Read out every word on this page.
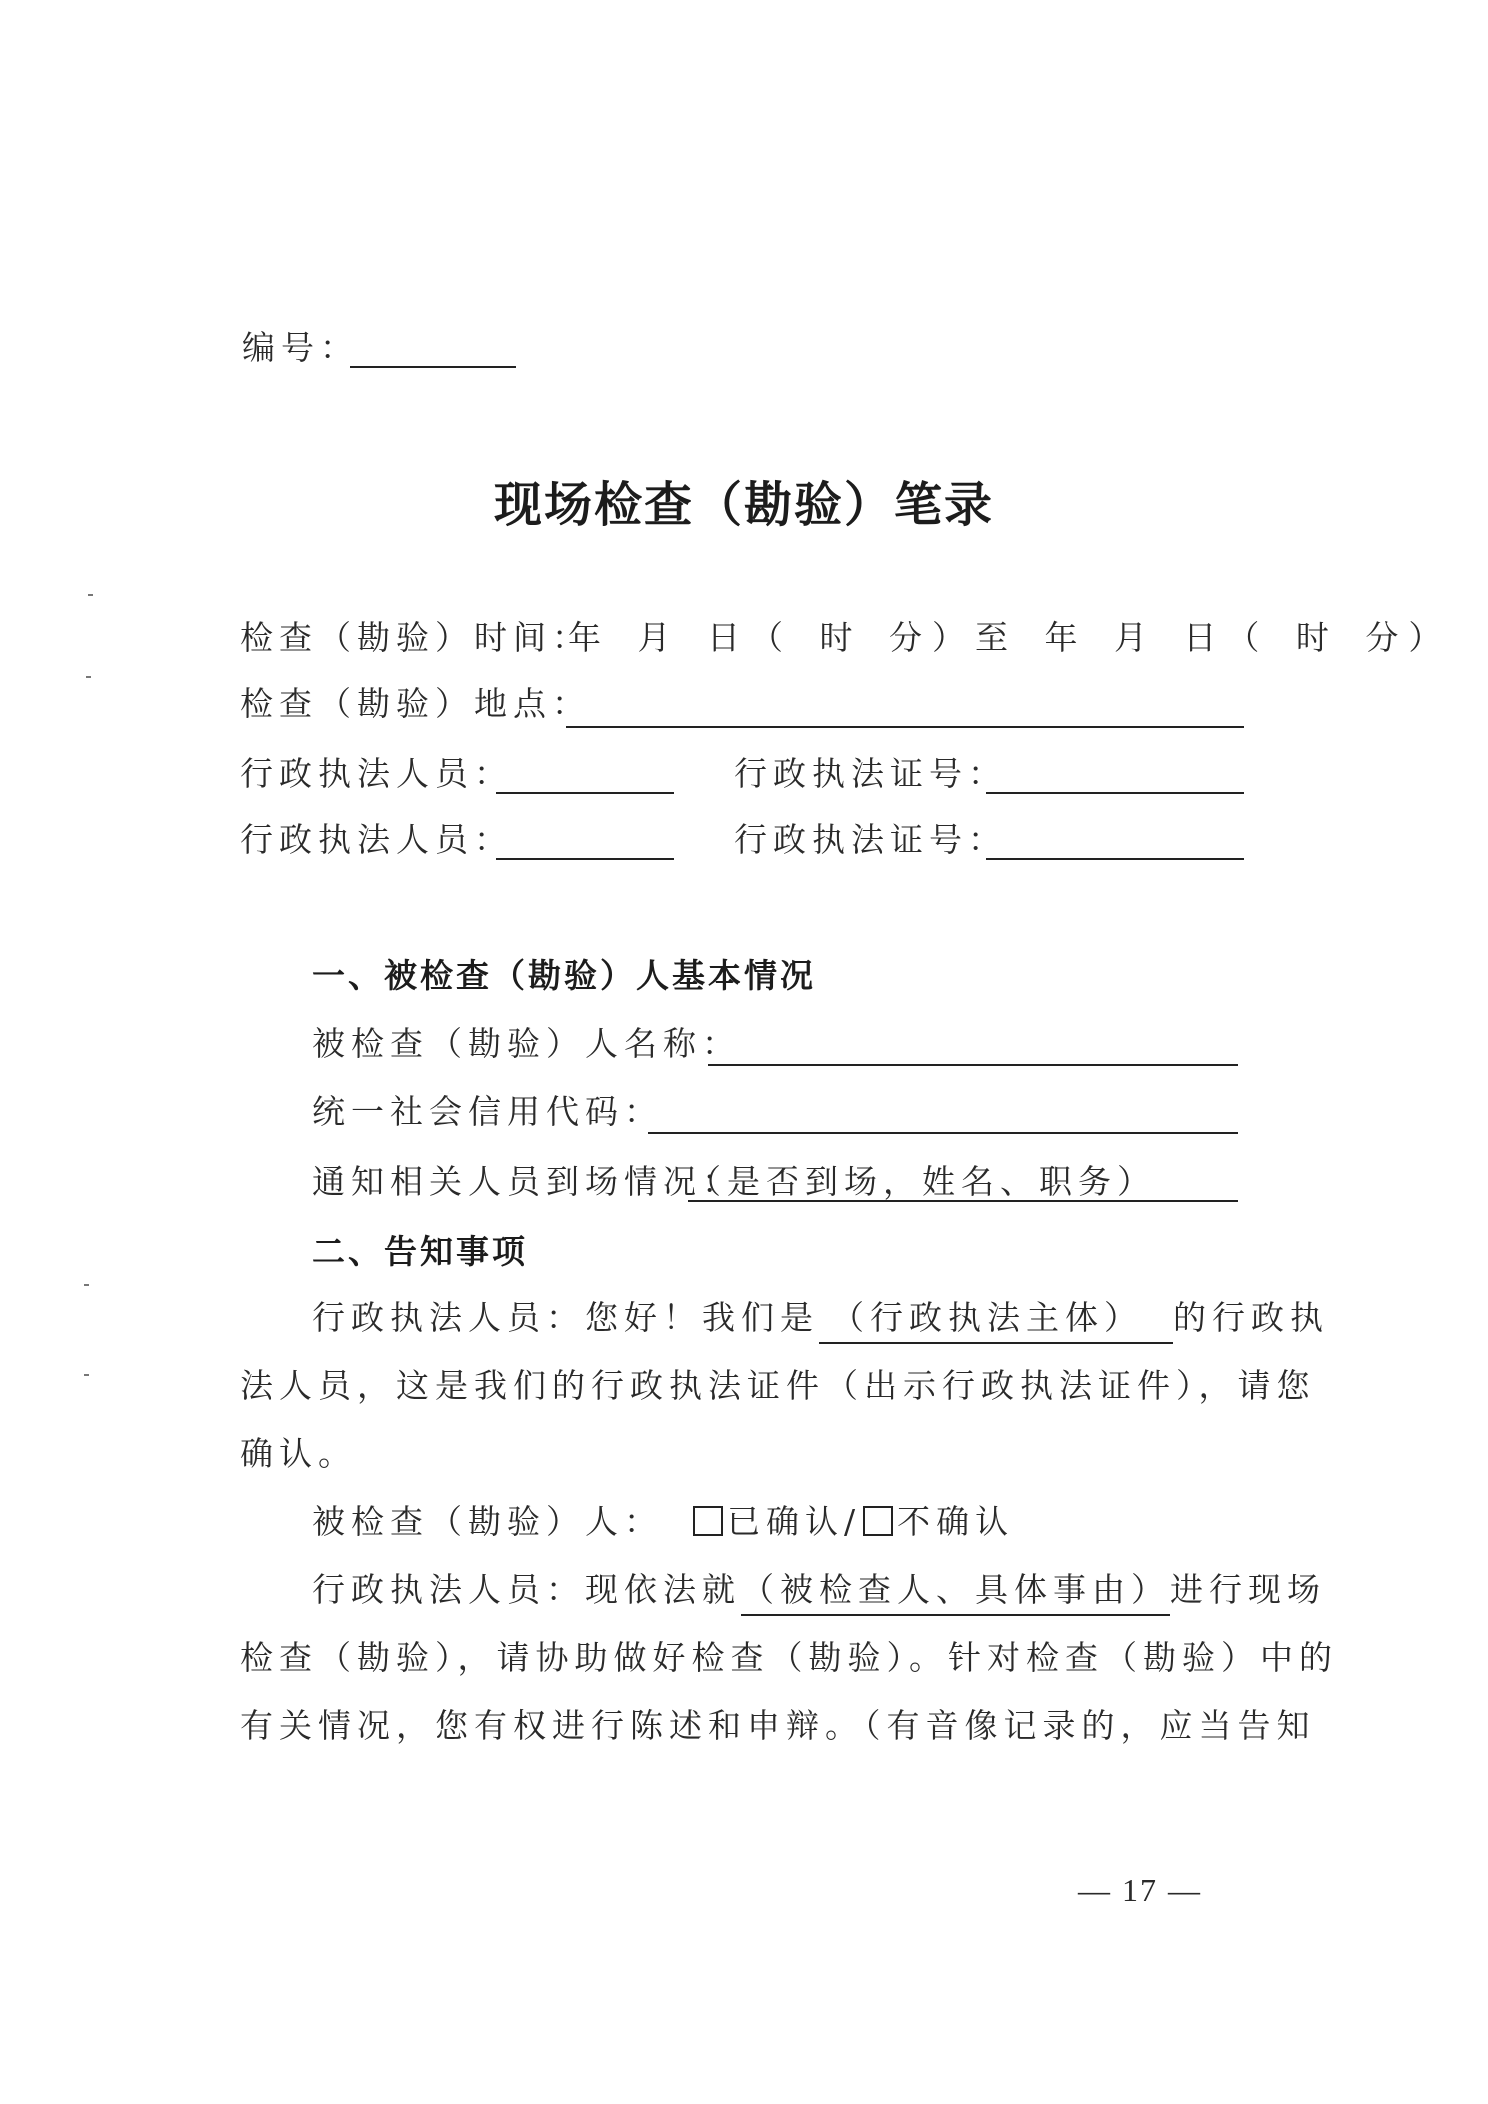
编号：
现场检查（勘验）笔录
检查（勘验）时间：
年 月 日（ 时 分）至 年 月 日（ 时 分）
检查（勘验）地点：
行政执法人员：	行政执法证号：
行政执法人员：	行政执法证号：
一、被检查（勘验）人基本情况
被检查（勘验）人名称：
统一社会信用代码：
通知相关人员到场情况：
（是否到场，姓名、职务）
二、告知事项
行政执法人员：您好！我们是 （行政执法主体） 的行政执
法人员，这是我们的行政执法证件（出示行政执法证件），请您
确认。
被检查（勘验）人： 已确认/ 不确认
行政执法人员：现依法就（被检查人、具体事由）进行现场
检查（勘验），请协助做好检查（勘验）。针对检查（勘验）中的
有关情况，您有权进行陈述和申辩。（有音像记录的，应当告知
— 17 —
